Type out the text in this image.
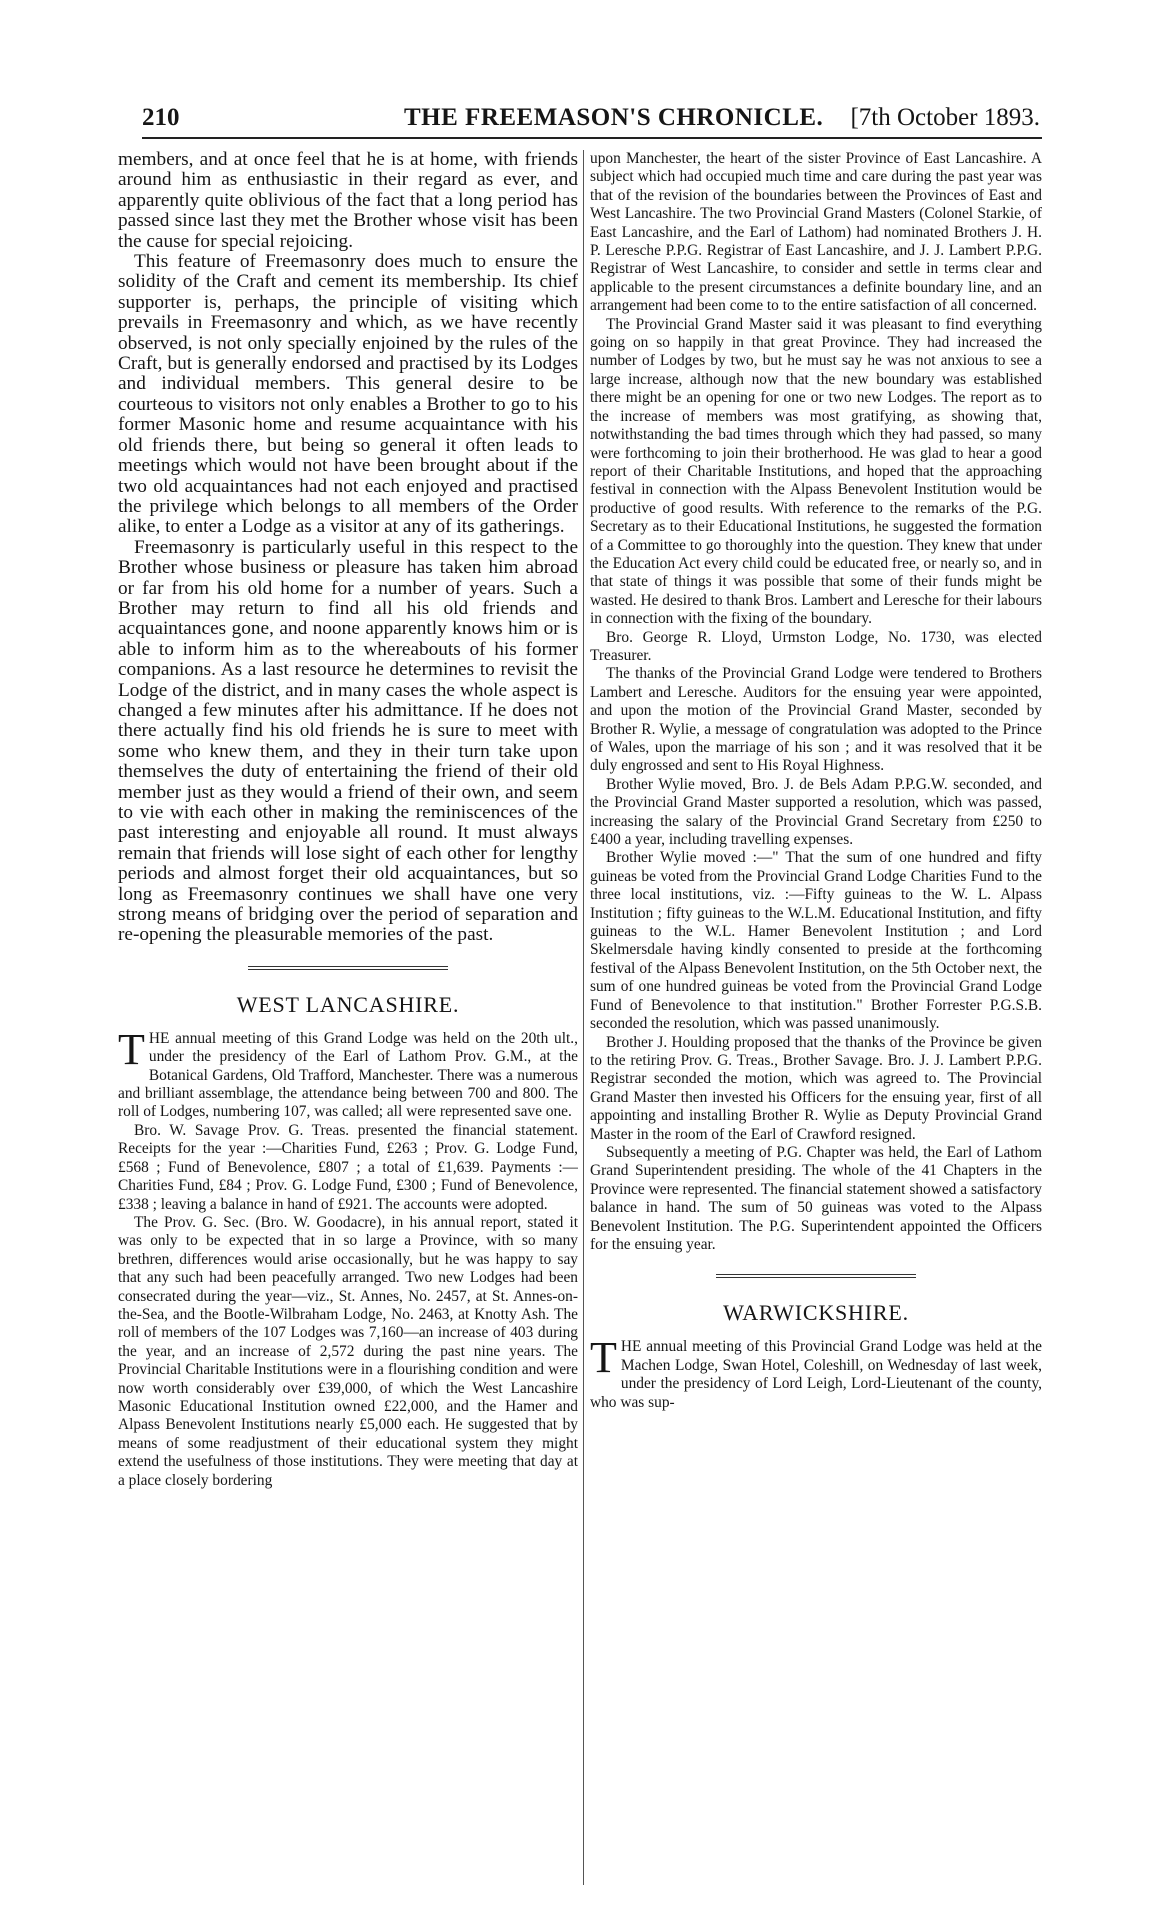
210	THE FREEMASON'S CHRONICLE. [7th October 1893.

members, and at once feel that he is at home, with friends around him as enthusiastic in their regard as ever, and apparently quite oblivious of the fact that a long period has passed since last they met the Brother whose visit has been the cause for special rejoicing.

This feature of Freemasonry does much to ensure the solidity of the Craft and cement its membership. Its chief supporter is, perhaps, the principle of visiting which prevails in Freemasonry and which, as we have recently observed, is not only specially enjoined by the rules of the Craft, but is generally endorsed and practised by its Lodges and individual members. This general desire to be courteous to visitors not only enables a Brother to go to his former Masonic home and resume acquaintance with his old friends there, but being so general it often leads to meetings which would not have been brought about if the two old acquaintances had not each enjoyed and practised the privilege which belongs to all members of the Order alike, to enter a Lodge as a visitor at any of its gatherings.

Freemasonry is particularly useful in this respect to the Brother whose business or pleasure has taken him abroad or far from his old home for a number of years. Such a Brother may return to find all his old friends and acquaintances gone, and noone apparently knows him or is able to inform him as to the whereabouts of his former companions. As a last resource he determines to revisit the Lodge of the district, and in many cases the whole aspect is changed a few minutes after his admittance. If he does not there actually find his old friends he is sure to meet with some who knew them, and they in their turn take upon themselves the duty of entertaining the friend of their old member just as they would a friend of their own, and seem to vie with each other in making the reminiscences of the past interesting and enjoyable all round. It must always remain that friends will lose sight of each other for lengthy periods and almost forget their old acquaintances, but so long as Freemasonry continues we shall have one very strong means of bridging over the period of separation and re-opening the pleasurable memories of the past.

WEST LANCASHIRE.

THE annual meeting of this Grand Lodge was held on the 20th ult., under the presidency of the Earl of Lathom Prov. G.M., at the Botanical Gardens, Old Trafford, Manchester. There was a numerous and brilliant assemblage, the attendance being between 700 and 800. The roll of Lodges, numbering 107, was called; all were represented save one.

Bro. W. Savage Prov. G. Treas. presented the financial statement. Receipts for the year :—Charities Fund, £263 ; Prov. G. Lodge Fund, £568 ; Fund of Benevolence, £807 ; a total of £1,639. Payments :—Charities Fund, £84 ; Prov. G. Lodge Fund, £300 ; Fund of Benevolence, £338 ; leaving a balance in hand of £921. The accounts were adopted.

The Prov. G. Sec. (Bro. W. Goodacre), in his annual report, stated it was only to be expected that in so large a Province, with so many brethren, differences would arise occasionally, but he was happy to say that any such had been peacefully arranged. Two new Lodges had been consecrated during the year—viz., St. Annes, No. 2457, at St. Annes-on-the-Sea, and the Bootle-Wilbraham Lodge, No. 2463, at Knotty Ash. The roll of members of the 107 Lodges was 7,160—an increase of 403 during the year, and an increase of 2,572 during the past nine years. The Provincial Charitable Institutions were in a flourishing condition and were now worth considerably over £39,000, of which the West Lancashire Masonic Educational Institution owned £22,000, and the Hamer and Alpass Benevolent Institutions nearly £5,000 each. He suggested that by means of some readjustment of their educational system they might extend the usefulness of those institutions. They were meeting that day at a place closely bordering

upon Manchester, the heart of the sister Province of East Lancashire. A subject which had occupied much time and care during the past year was that of the revision of the boundaries between the Provinces of East and West Lancashire. The two Provincial Grand Masters (Colonel Starkie, of East Lancashire, and the Earl of Lathom) had nominated Brothers J. H. P. Leresche P.P.G. Registrar of East Lancashire, and J. J. Lambert P.P.G. Registrar of West Lancashire, to consider and settle in terms clear and applicable to the present circumstances a definite boundary line, and an arrangement had been come to to the entire satisfaction of all concerned.

The Provincial Grand Master said it was pleasant to find everything going on so happily in that great Province. They had increased the number of Lodges by two, but he must say he was not anxious to see a large increase, although now that the new boundary was established there might be an opening for one or two new Lodges. The report as to the increase of members was most gratifying, as showing that, notwithstanding the bad times through which they had passed, so many were forthcoming to join their brotherhood. He was glad to hear a good report of their Charitable Institutions, and hoped that the approaching festival in connection with the Alpass Benevolent Institution would be productive of good results. With reference to the remarks of the P.G. Secretary as to their Educational Institutions, he suggested the formation of a Committee to go thoroughly into the question. They knew that under the Education Act every child could be educated free, or nearly so, and in that state of things it was possible that some of their funds might be wasted. He desired to thank Bros. Lambert and Leresche for their labours in connection with the fixing of the boundary.

Bro. George R. Lloyd, Urmston Lodge, No. 1730, was elected Treasurer.

The thanks of the Provincial Grand Lodge were tendered to Brothers Lambert and Leresche. Auditors for the ensuing year were appointed, and upon the motion of the Provincial Grand Master, seconded by Brother R. Wylie, a message of congratulation was adopted to the Prince of Wales, upon the marriage of his son ; and it was resolved that it be duly engrossed and sent to His Royal Highness.

Brother Wylie moved, Bro. J. de Bels Adam P.P.G.W. seconded, and the Provincial Grand Master supported a resolution, which was passed, increasing the salary of the Provincial Grand Secretary from £250 to £400 a year, including travelling expenses.

Brother Wylie moved :—" That the sum of one hundred and fifty guineas be voted from the Provincial Grand Lodge Charities Fund to the three local institutions, viz. :—Fifty guineas to the W. L. Alpass Institution ; fifty guineas to the W.L.M. Educational Institution, and fifty guineas to the W.L. Hamer Benevolent Institution ; and Lord Skelmersdale having kindly consented to preside at the forthcoming festival of the Alpass Benevolent Institution, on the 5th October next, the sum of one hundred guineas be voted from the Provincial Grand Lodge Fund of Benevolence to that institution." Brother Forrester P.G.S.B. seconded the resolution, which was passed unanimously.

Brother J. Houlding proposed that the thanks of the Province be given to the retiring Prov. G. Treas., Brother Savage. Bro. J. J. Lambert P.P.G. Registrar seconded the motion, which was agreed to. The Provincial Grand Master then invested his Officers for the ensuing year, first of all appointing and installing Brother R. Wylie as Deputy Provincial Grand Master in the room of the Earl of Crawford resigned.

Subsequently a meeting of P.G. Chapter was held, the Earl of Lathom Grand Superintendent presiding. The whole of the 41 Chapters in the Province were represented. The financial statement showed a satisfactory balance in hand. The sum of 50 guineas was voted to the Alpass Benevolent Institution. The P.G. Superintendent appointed the Officers for the ensuing year.

WARWICKSHIRE.

THE annual meeting of this Provincial Grand Lodge was held at the Machen Lodge, Swan Hotel, Coleshill, on Wednesday of last week, under the presidency of Lord Leigh, Lord-Lieutenant of the county, who was sup-
